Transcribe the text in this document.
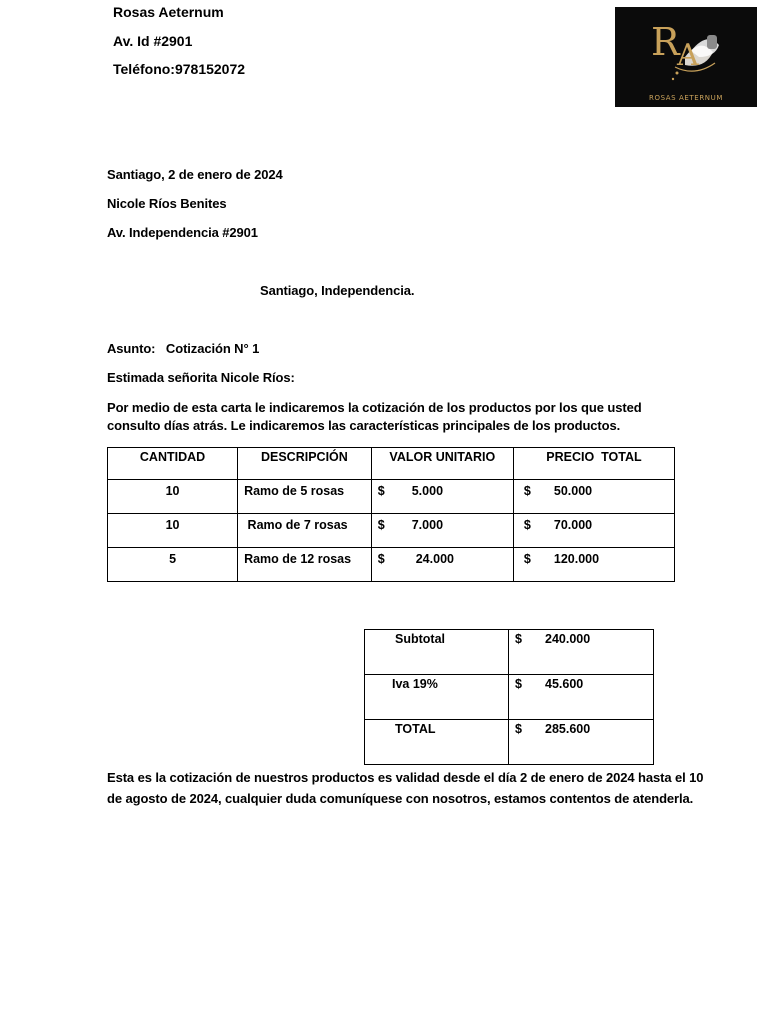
Rosas Aeternum
Av. Id #2901
Teléfono:978152072
R
A
ROSAS AETERNUM
Santiago, 2 de enero de 2024
Nicole Ríos Benites
Av. Independencia #2901
Santiago, Independencia.
Asunto:   Cotización N° 1
Estimada señorita Nicole Ríos:
Por medio de esta carta le indicaremos la cotización de los productos por los que usted
consulto días atrás. Le indicaremos las características principales de los productos.
CANTIDAD	DESCRIPCIÓN	VALOR UNITARIO	PRECIO  TOTAL
10	Ramo de 5 rosas	$ 5.000	$ 50.000

10	Ramo de 7 rosas	$ 7.000	$ 70.000

5	Ramo de 12 rosas	$ 24.000	$ 120.000
Subtotal	$ 240.000

Iva 19%	$ 45.600

TOTAL	$ 285.600
Esta es la cotización de nuestros productos es validad desde el día 2 de enero de 2024 hasta el 10
de agosto de 2024, cualquier duda comuníquese con nosotros, estamos contentos de atenderla.
